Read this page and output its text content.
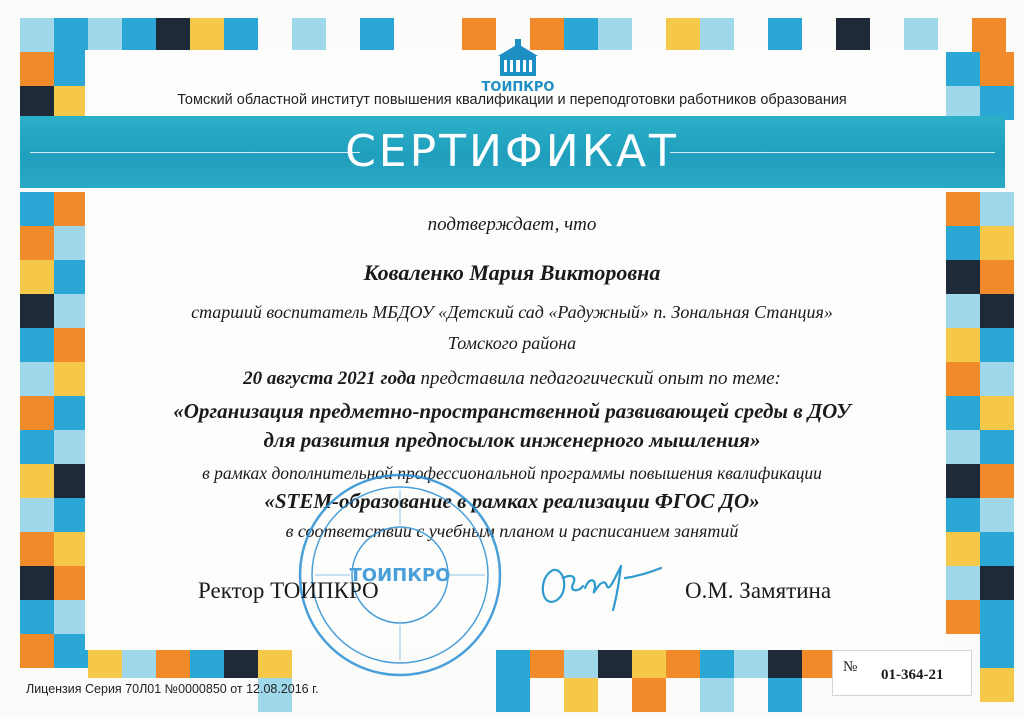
ТОИПКРО
Томский областной институт повышения квалификации и переподготовки работников образования
СЕРТИФИКАТ
подтверждает, что
Коваленко Мария Викторовна
старший воспитатель МБДОУ «Детский сад «Радужный» п. Зональная Станция»
Томского района
20 августа 2021 года представила педагогический опыт по теме:
«Организация предметно-пространственной развивающей среды в ДОУ
для развития предпосылок инженерного мышления»
в рамках дополнительной профессиональной программы повышения квалификации
«STEM-образование в рамках реализации ФГОС ДО»
в соответствии с учебным планом и расписанием занятий
ТОИПКРО
Ректор ТОИПКРО	О.М. Замятина
№ 01-364-21
Лицензия Серия 70Л01 №0000850 от 12.08.2016 г.
